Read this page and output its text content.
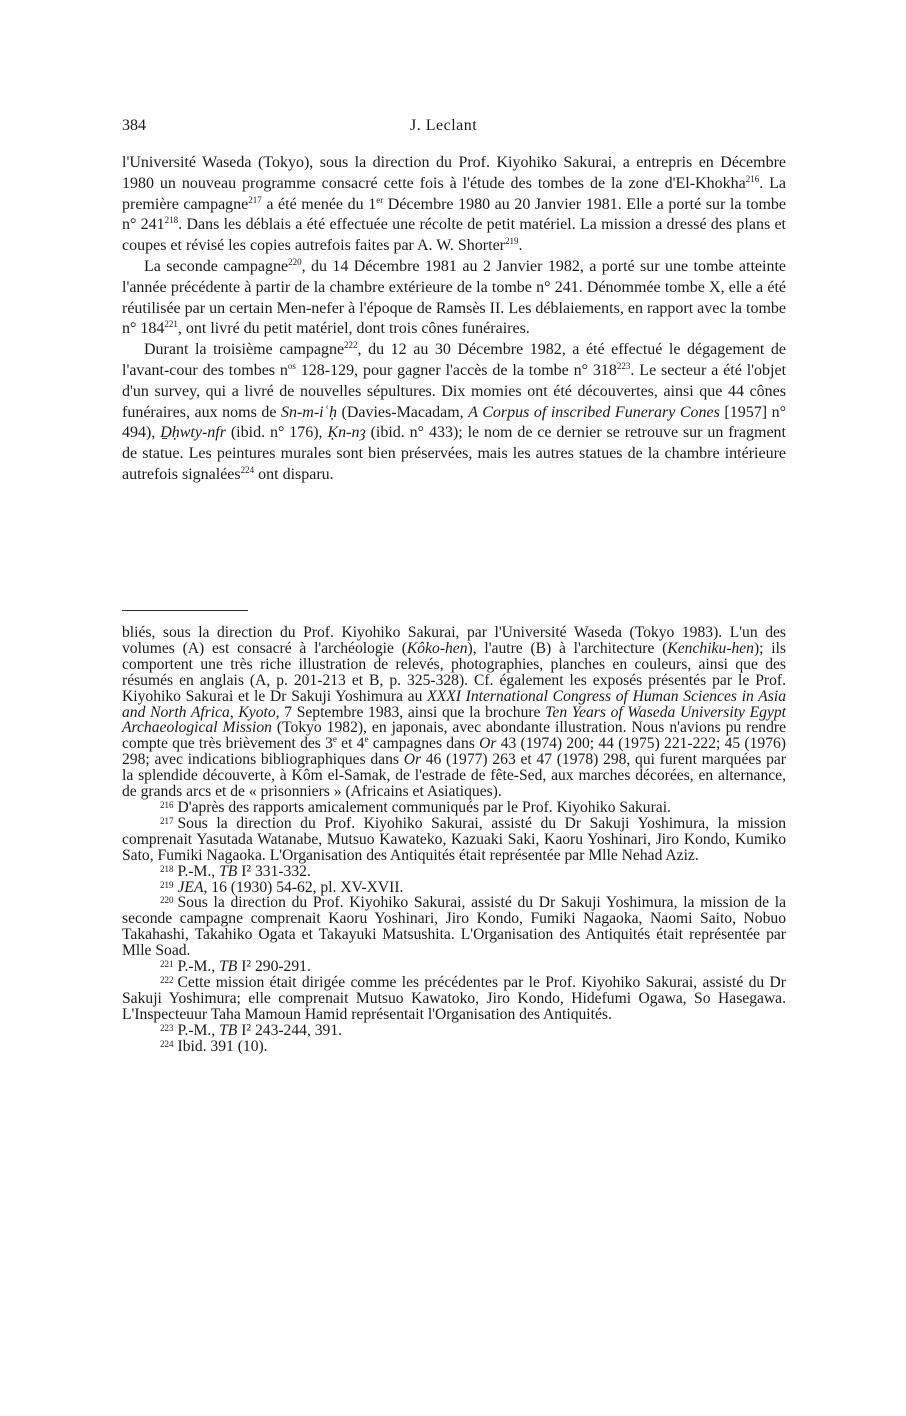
384	J. Leclant

l'Université Waseda (Tokyo), sous la direction du Prof. Kiyohiko Sakurai, a entrepris en Décembre 1980 un nouveau programme consacré cette fois à l'étude des tombes de la zone d'El-Khokha$^{216}$. La première campagne$^{217}$ a été menée du 1er Décembre 1980 au 20 Janvier 1981. Elle a porté sur la tombe n° $241^{218}$. Dans les déblais a été effectuée une récolte de petit matériel. La mission a dressé des plans et coupes et révisé les copies autrefois faites par A. W. Shorter$^{219}$.

La seconde campagne$^{220}$, du 14 Décembre 1981 au 2 Janvier 1982, a porté sur une tombe atteinte l'année précédente à partir de la chambre extérieure de la tombe n° 241. Dénommée tombe X, elle a été réutilisée par un certain Men-nefer à l'époque de Ramsès II. Les déblaiements, en rapport avec la tombe n° $184^{221}$, ont livré du petit matériel, dont trois cônes funéraires.

Durant la troisième campagne$^{222}$, du 12 au 30 Décembre 1982, a été effectué le dégagement de l'avant-cour des tombes $n^{os}$ 128-129, pour gagner l'accès de la tombe n° $318^{223}$. Le secteur a été l'objet d'un survey, qui a livré de nouvelles sépultures. Dix momies ont été découvertes, ainsi que 44 cônes funéraires, aux noms de Sn-m-iʿḥ (Davies-Macadam, A Corpus of inscribed Funerary Cones [1957] n° 494), Ḏḥwty-nfr (ibid. n° 176), Ḳn-nȝ (ibid. n° 433); le nom de ce dernier se retrouve sur un fragment de statue. Les peintures murales sont bien préservées, mais les autres statues de la chambre intérieure autrefois signalées$^{224}$ ont disparu.

bliés, sous la direction du Prof. Kiyohiko Sakurai, par l'Université Waseda (Tokyo 1983). L'un des volumes (A) est consacré à l'archéologie (Kôko-hen), l'autre (B) à l'architecture (Kenchiku-hen); ils comportent une très riche illustration de relevés, photographies, planches en couleurs, ainsi que des résumés en anglais (A, p. 201-213 et B, p. 325-328). Cf. également les exposés présentés par le Prof. Kiyohiko Sakurai et le Dr Sakuji Yoshimura au XXXI International Congress of Human Sciences in Asia and North Africa, Kyoto, 7 Septembre 1983, ainsi que la brochure Ten Years of Waseda University Egypt Archaeological Mission (Tokyo 1982), en japonais, avec abondante illustration. Nous n'avions pu rendre compte que très brièvement des 3e et 4e campagnes dans Or 43 (1974) 200; 44 (1975) 221-222; 45 (1976) 298; avec indications bibliographiques dans Or 46 (1977) 263 et 47 (1978) 298, qui furent marquées par la splendide découverte, à Kôm el-Samak, de l'estrade de fête-Sed, aux marches décorées, en alternance, de grands arcs et de « prisonniers » (Africains et Asiatiques).

$^{216}$ D'après des rapports amicalement communiqués par le Prof. Kiyohiko Sakurai.

$^{217}$ Sous la direction du Prof. Kiyohiko Sakurai, assisté du Dr Sakuji Yoshimura, la mission comprenait Yasutada Watanabe, Mutsuo Kawateko, Kazuaki Saki, Kaoru Yoshinari, Jiro Kondo, Kumiko Sato, Fumiki Nagaoka. L'Organisation des Antiquités était représentée par Mlle Nehad Aziz.

$^{218}$ P.-M., TB I² 331-332.

$^{219}$ JEA, 16 (1930) 54-62, pl. XV-XVII.

$^{220}$ Sous la direction du Prof. Kiyohiko Sakurai, assisté du Dr Sakuji Yoshimura, la mission de la seconde campagne comprenait Kaoru Yoshinari, Jiro Kondo, Fumiki Nagaoka, Naomi Saito, Nobuo Takahashi, Takahiko Ogata et Takayuki Matsushita. L'Organisation des Antiquités était représentée par Mlle Soad.

$^{221}$ P.-M., TB I² 290-291.

$^{222}$ Cette mission était dirigée comme les précédentes par le Prof. Kiyohiko Sakurai, assisté du Dr Sakuji Yoshimura; elle comprenait Mutsuo Kawatoko, Jiro Kondo, Hidefumi Ogawa, So Hasegawa. L'Inspecteuur Taha Mamoun Hamid représentait l'Organisation des Antiquités.

$^{223}$ P.-M., TB I² 243-244, 391.

$^{224}$ Ibid. 391 (10).
